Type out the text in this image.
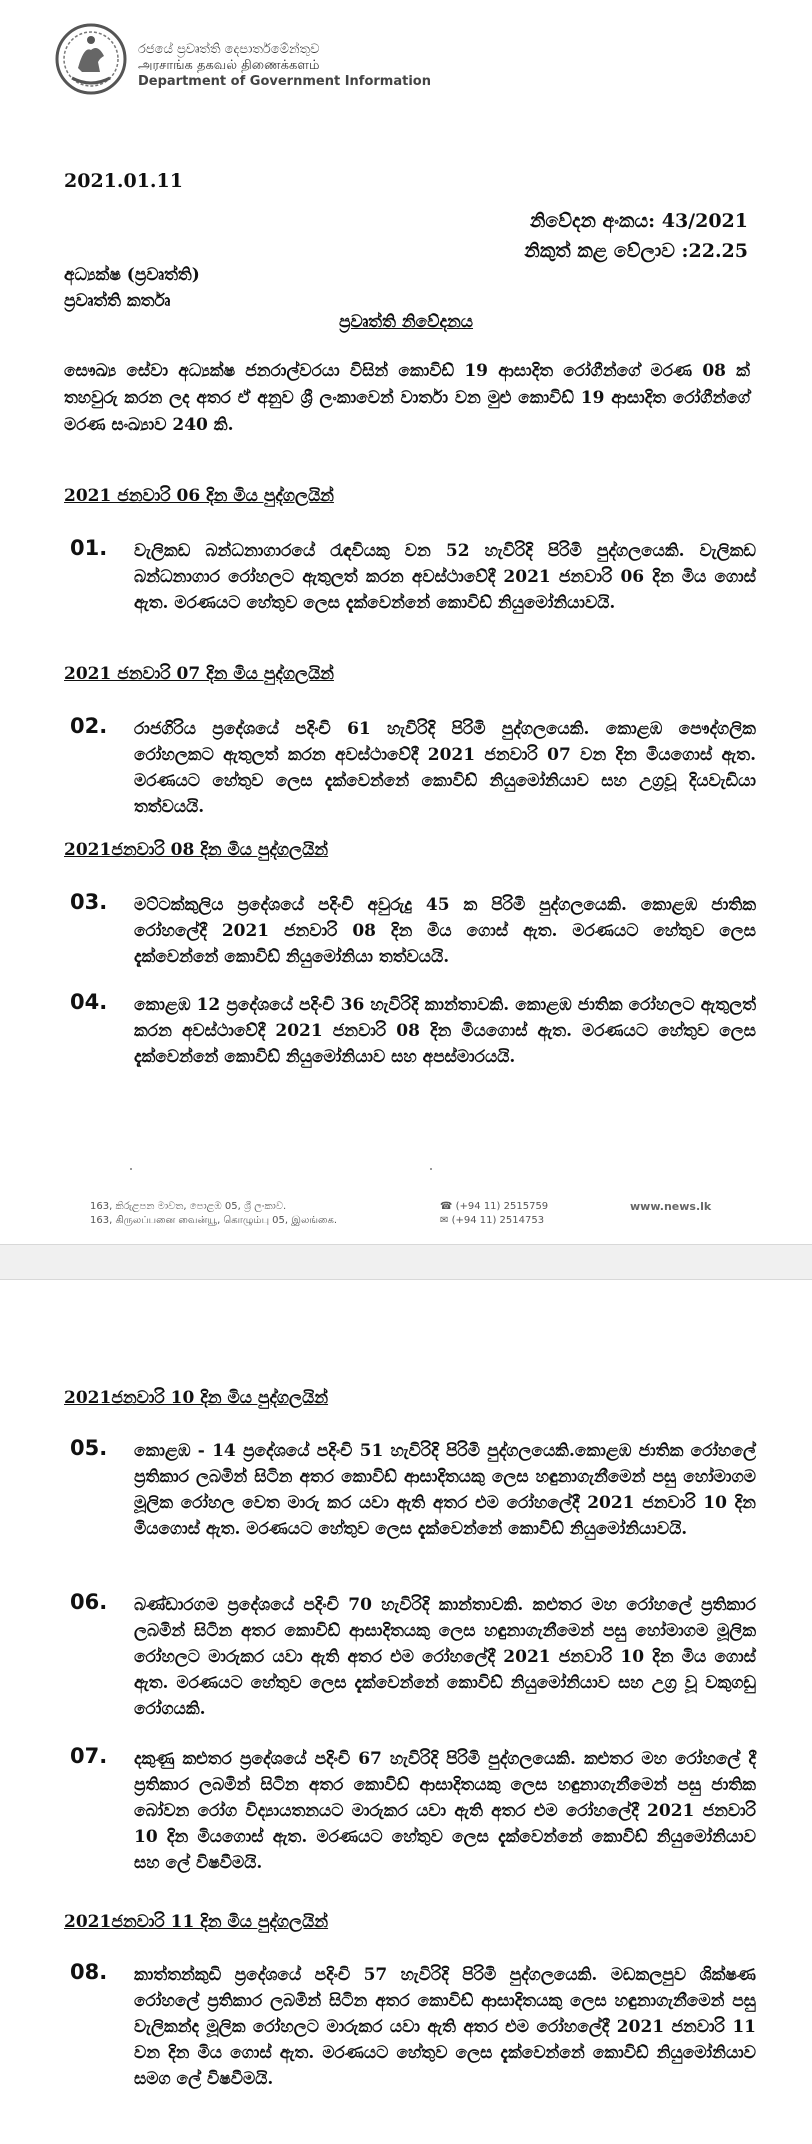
රජයේ ප්‍රවෘත්ති දෙපාර්තමේන්තුව
அரசாங்க தகவல் திணைக்களம்
Department of Government Information
2021.01.11
නිවේදන අංකය: 43/2021
නිකුත් කළ වේලාව :22.25
අධ්‍යක්ෂ (ප්‍රවෘත්ති)
ප්‍රවෘත්ති කර්තෘ
ප්‍රවෘත්ති නිවේදනය
සෞඛ්‍ය සේවා අධ්‍යක්ෂ ජනරාල්වරයා විසින් කොවිඩ් 19 ආසාදිත රෝගීන්ගේ මරණ 08 ක් තහවුරු කරන ලද අතර ඒ අනුව ශ්‍රී ලංකාවෙන් වාර්තා වන මුළු කොවිඩ් 19 ආසාදිත රෝගීන්ගේ මරණ සංඛ්‍යාව 240 කි.
2021 ජනවාරි 06 දින මිය පුද්ගලයින්
01. වැලිකඩ බන්ධනාගාරයේ රැඳවියකු වන 52 හැවිරිදි පිරිමි පුද්ගලයෙකි. වැලිකඩ බන්ධනාගාර රෝහලට ඇතුලත් කරන අවස්ථාවේදී 2021 ජනවාරි 06 දින මිය ගොස් ඇත. මරණයට හේතුව ලෙස දැක්වෙන්නේ කොවිඩ් නියුමෝනියාවයි.
2021 ජනවාරි 07 දින මිය පුද්ගලයින්
02. රාජගිරිය ප්‍රදේශයේ පදිංචි 61 හැවිරිදි පිරිමි පුද්ගලයෙකි. කොළඹ පෞද්ගලික රෝහලකට ඇතුලත් කරන අවස්ථාවේදී 2021 ජනවාරි 07 වන දින මියගොස් ඇත. මරණයට හේතුව ලෙස දැක්වෙන්නේ කොවිඩ් නියුමෝනියාව සහ උග්‍රවූ දියවැඩියා තත්වයයි.
2021ජනවාරි 08 දින මිය පුද්ගලයින්
03. මට්ටක්කුලිය ප්‍රදේශයේ පදිංචි අවුරුදු 45 ක පිරිමි පුද්ගලයෙකි. කොළඹ ජාතික රෝහලේදී 2021 ජනවාරි 08 දින මිය ගොස් ඇත. මරණයට හේතුව ලෙස දැක්වෙන්නේ කොවිඩ් නියුමෝනියා තත්වයයි.
04. කොළඹ 12 ප්‍රදේශයේ පදිංචි 36 හැවිරිදි කාන්තාවකි. කොළඹ ජාතික රෝහලට ඇතුලත් කරන අවස්ථාවේදී 2021 ජනවාරි 08 දින මියගොස් ඇත. මරණයට හේතුව ලෙස දැක්වෙන්නේ කොවිඩ් නියුමෝනියාව සහ අපස්මාරයයි.
163, කිරුළපන මාවත, පොළඹ 05, ශ්‍රී ලංකාව.
163, கிருலப்பனை வைன்யூ, கொழும்பு 05, இலங்கை.
☎ (+94 11) 2515759
✉ (+94 11) 2514753
www.news.lk
2021ජනවාරි 10 දින මිය පුද්ගලයින්
05. කොළඹ - 14 ප්‍රදේශයේ පදිංචි 51 හැවිරිදි පිරිමි පුද්ගලයෙකි.කොළඹ ජාතික රෝහලේ ප්‍රතිකාර ලබමින් සිටින අතර කොවිඩ් ආසාදිතයකු ලෙස හඳුනාගැනීමෙන් පසු හෝමාගම මූලික රෝහල වෙත මාරු කර යවා ඇති අතර එම රෝහලේදී 2021 ජනවාරි 10 දින මියගොස් ඇත. මරණයට හේතුව ලෙස දැක්වෙන්නේ කොවිඩ් නියුමෝනියාවයි.
06. බණ්ඩාරගම ප්‍රදේශයේ පදිංචි 70 හැවිරිදි කාන්තාවකි. කළුතර මහ රෝහලේ ප්‍රතිකාර ලබමින් සිටින අතර කොවිඩ් ආසාදිතයකු ලෙස හඳුනාගැනීමෙන් පසු හෝමාගම මූලික රෝහලට මාරුකර යවා ඇති අතර එම රෝහලේදී 2021 ජනවාරි 10 දින මිය ගොස් ඇත. මරණයට හේතුව ලෙස දැක්වෙන්නේ කොවිඩ් නියුමෝනියාව සහ උග්‍ර වූ වකුගඩු රෝගයකි.
07. දකුණු කළුතර ප්‍රදේශයේ පදිංචි 67 හැවිරිදි පිරිමි පුද්ගලයෙකි. කළුතර මහ රෝහලේ දී ප්‍රතිකාර ලබමින් සිටින අතර කොවිඩ් ආසාදිතයකු ලෙස හඳුනාගැනීමෙන් පසු ජාතික බෝවන රෝග විද්‍යායතනයට මාරුකර යවා ඇති අතර එම රෝහලේදී 2021 ජනවාරි 10 දින මියගොස් ඇත. මරණයට හේතුව ලෙස දැක්වෙන්නේ කොවිඩ් නියුමෝනියාව සහ ලේ විෂවීමයි.
2021ජනවාරි 11 දින මිය පුද්ගලයින්
08. කාත්තන්කුඩි ප්‍රදේශයේ පදිංචි 57 හැවිරිදි පිරිමි පුද්ගලයෙකි. මඩකලපුව ශික්ෂණ රෝහලේ ප්‍රතිකාර ලබමින් සිටින අතර කොවිඩ් ආසාදිතයකු ලෙස හඳුනාගැනීමෙන් පසු වැලිකන්ද මූලික රෝහලට මාරුකර යවා ඇති අතර එම රෝහලේදී 2021 ජනවාරි 11 වන දින මිය ගොස් ඇත. මරණයට හේතුව ලෙස දැක්වෙන්නේ කොවිඩ් නියුමෝනියාව සමග ලේ විෂවීමයි.
